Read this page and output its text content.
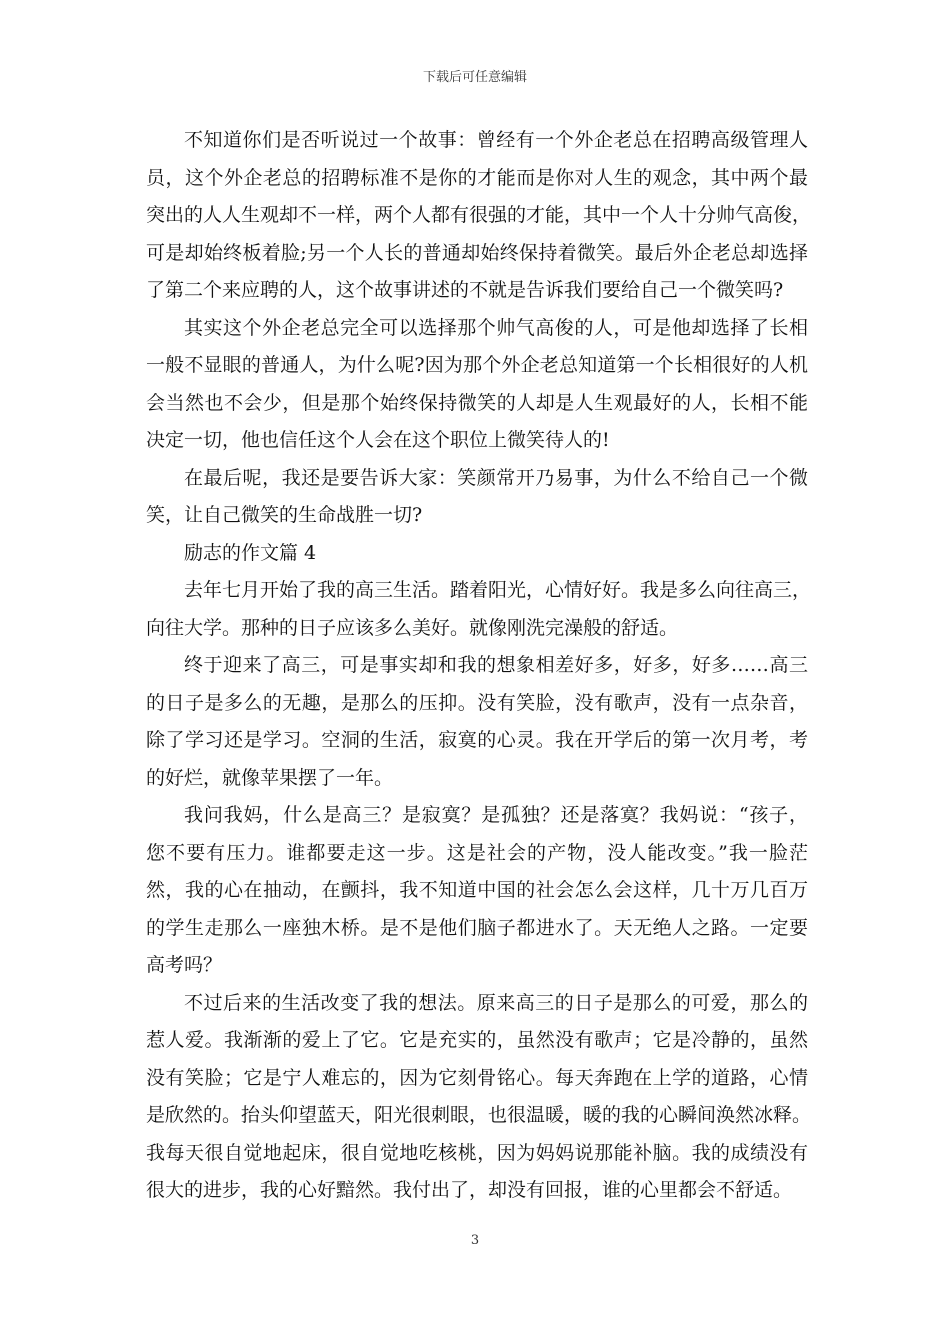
下载后可任意编辑
不知道你们是否听说过一个故事：曾经有一个外企老总在招聘高级管理人
员，这个外企老总的招聘标准不是你的才能而是你对人生的观念，其中两个最
突出的人人生观却不一样，两个人都有很强的才能，其中一个人十分帅气高俊，
可是却始终板着脸;另一个人长的普通却始终保持着微笑。最后外企老总却选择
了第二个来应聘的人，这个故事讲述的不就是告诉我们要给自己一个微笑吗?
其实这个外企老总完全可以选择那个帅气高俊的人，可是他却选择了长相
一般不显眼的普通人，为什么呢?因为那个外企老总知道第一个长相很好的人机
会当然也不会少，但是那个始终保持微笑的人却是人生观最好的人，长相不能
决定一切，他也信任这个人会在这个职位上微笑待人的!
在最后呢，我还是要告诉大家：笑颜常开乃易事，为什么不给自己一个微
笑，让自己微笑的生命战胜一切?
励志的作文篇 4
去年七月开始了我的高三生活。踏着阳光，心情好好。我是多么向往高三，
向往大学。那种的日子应该多么美好。就像刚洗完澡般的舒适。
终于迎来了高三，可是事实却和我的想象相差好多，好多，好多……高三
的日子是多么的无趣，是那么的压抑。没有笑脸，没有歌声，没有一点杂音，
除了学习还是学习。空洞的生活，寂寞的心灵。我在开学后的第一次月考，考
的好烂，就像苹果摆了一年。
我问我妈，什么是高三？是寂寞？是孤独？还是落寞？我妈说：“孩子，
您不要有压力。谁都要走这一步。这是社会的产物，没人能改变。”我一脸茫
然，我的心在抽动，在颤抖，我不知道中国的社会怎么会这样，几十万几百万
的学生走那么一座独木桥。是不是他们脑子都进水了。天无绝人之路。一定要
高考吗？
不过后来的生活改变了我的想法。原来高三的日子是那么的可爱，那么的
惹人爱。我渐渐的爱上了它。它是充实的，虽然没有歌声；它是冷静的，虽然
没有笑脸；它是宁人难忘的，因为它刻骨铭心。每天奔跑在上学的道路，心情
是欣然的。抬头仰望蓝天，阳光很刺眼，也很温暖，暖的我的心瞬间涣然冰释。
我每天很自觉地起床，很自觉地吃核桃，因为妈妈说那能补脑。我的成绩没有
很大的进步，我的心好黯然。我付出了，却没有回报，谁的心里都会不舒适。
3
